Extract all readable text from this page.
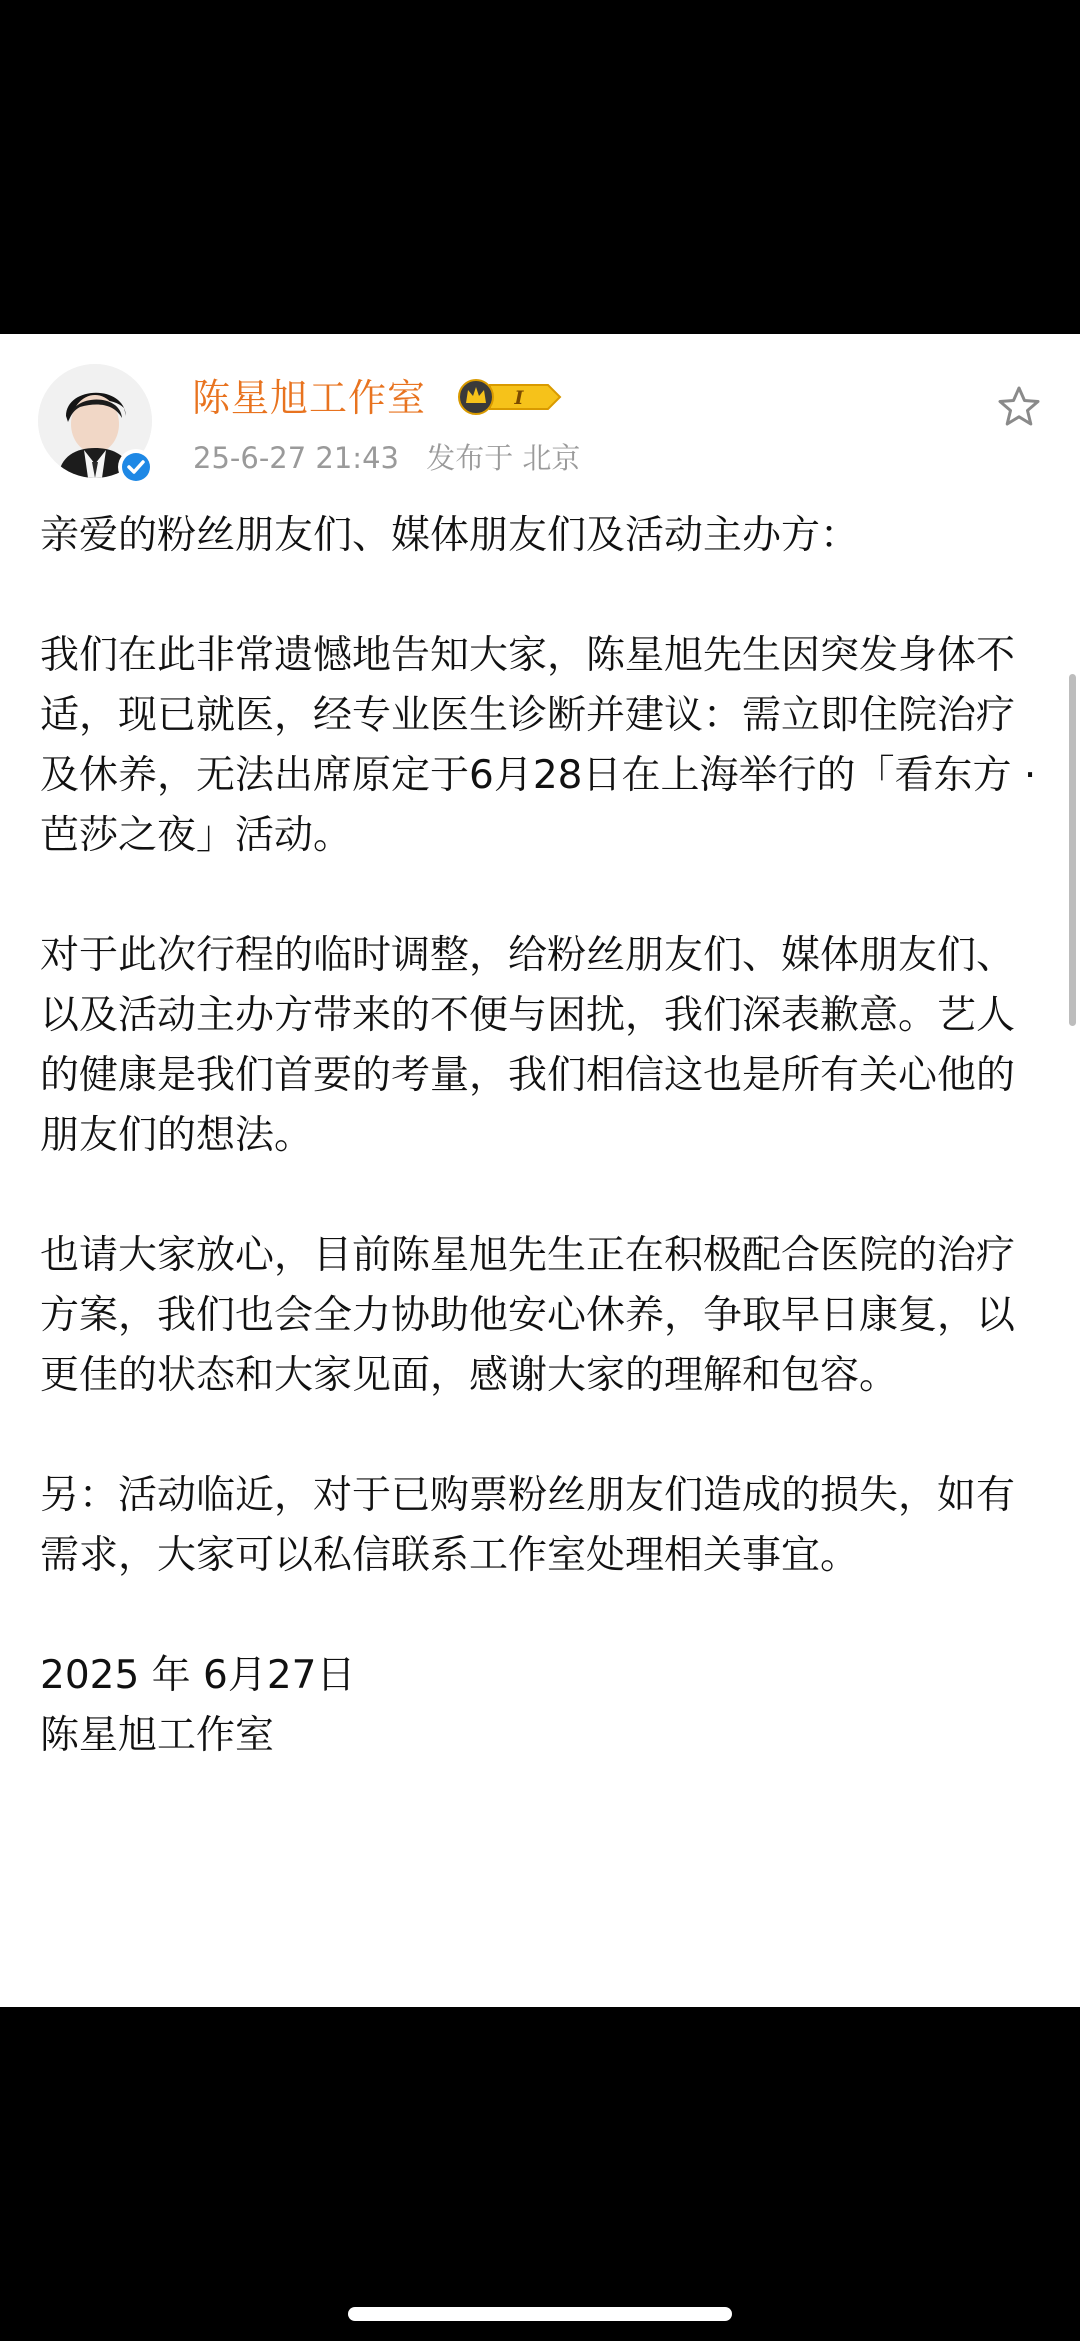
陈星旭工作室	I
25-6-27 21:43 发布于 北京

亲爱的粉丝朋友们、媒体朋友们及活动主办方：

我们在此非常遗憾地告知大家，陈星旭先生因突发身体不适，现已就医，经专业医生诊断并建议：需立即住院治疗及休养，无法出席原定于6月28日在上海举行的「看东方 · 芭莎之夜」活动。

对于此次行程的临时调整，给粉丝朋友们、媒体朋友们、以及活动主办方带来的不便与困扰，我们深表歉意。艺人的健康是我们首要的考量，我们相信这也是所有关心他的朋友们的想法。

也请大家放心，目前陈星旭先生正在积极配合医院的治疗方案，我们也会全力协助他安心休养，争取早日康复，以更佳的状态和大家见面，感谢大家的理解和包容。

另：活动临近，对于已购票粉丝朋友们造成的损失，如有需求，大家可以私信联系工作室处理相关事宜。

2025 年 6月27日

陈星旭工作室
